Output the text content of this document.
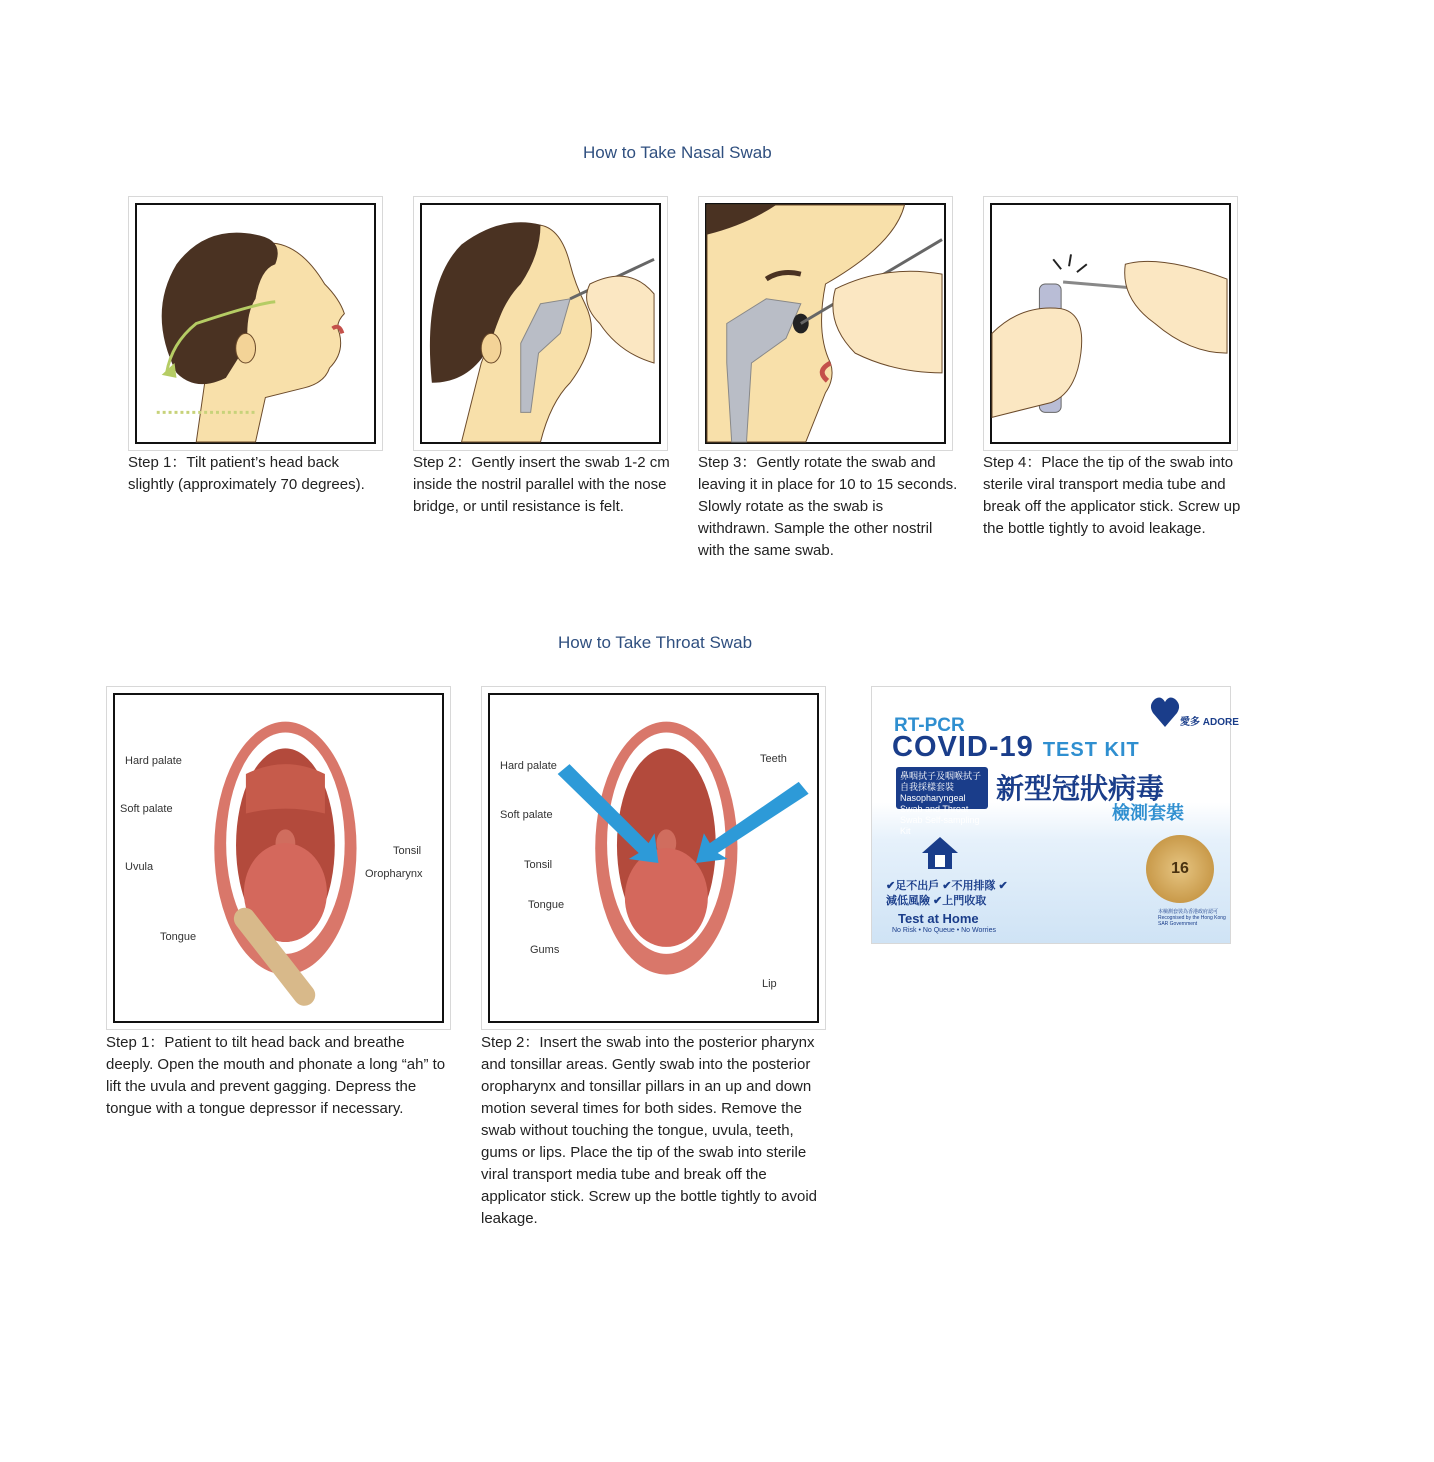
How to Take Nasal Swab
Step 1：Tilt patient’s head back slightly (approximately 70 degrees).
Step 2：Gently insert the swab 1-2 cm inside the nostril parallel with the nose bridge, or until resistance is felt.
Step 3：Gently rotate the swab and leaving it in place for 10 to 15 seconds. Slowly rotate as the swab is withdrawn. Sample the other nostril with the same swab.
Step 4：Place the tip of the swab into sterile viral transport media tube and break off the applicator stick. Screw up the bottle tightly to avoid leakage.
How to Take Throat Swab
Hard palate
Soft palate
Uvula
Tongue
Tonsil
Oropharynx
Step 1：Patient to tilt head back and breathe deeply. Open the mouth and phonate a long “ah” to lift the uvula and prevent gagging. Depress the tongue with a tongue depressor if necessary.
Hard palate
Soft palate
Tonsil
Tongue
Gums
Teeth
Lip
Step 2：Insert the swab into the posterior pharynx and tonsillar areas. Gently swab into the posterior oropharynx and tonsillar pillars in an up and down motion several times for both sides. Remove the swab without touching the tongue, uvula, teeth, gums or lips. Place the tip of the swab into sterile viral transport media tube and break off the applicator stick. Screw up the bottle tightly to avoid leakage.
愛多 ADORE
RT-PCR
COVID-19 TEST KIT
鼻咽拭子及咽喉拭子 自我採樣套裝 Nasopharyngeal Swab and Throat Swab Self-sampling Kit
新型冠狀病毒
檢測套裝
✔足不出戶 ✔不用排隊 ✔減低風險 ✔上門收取
Test at Home
No Risk • No Queue • No Worries
16
本檢測套裝為香港政府認可 Recognised by the Hong Kong SAR Government
